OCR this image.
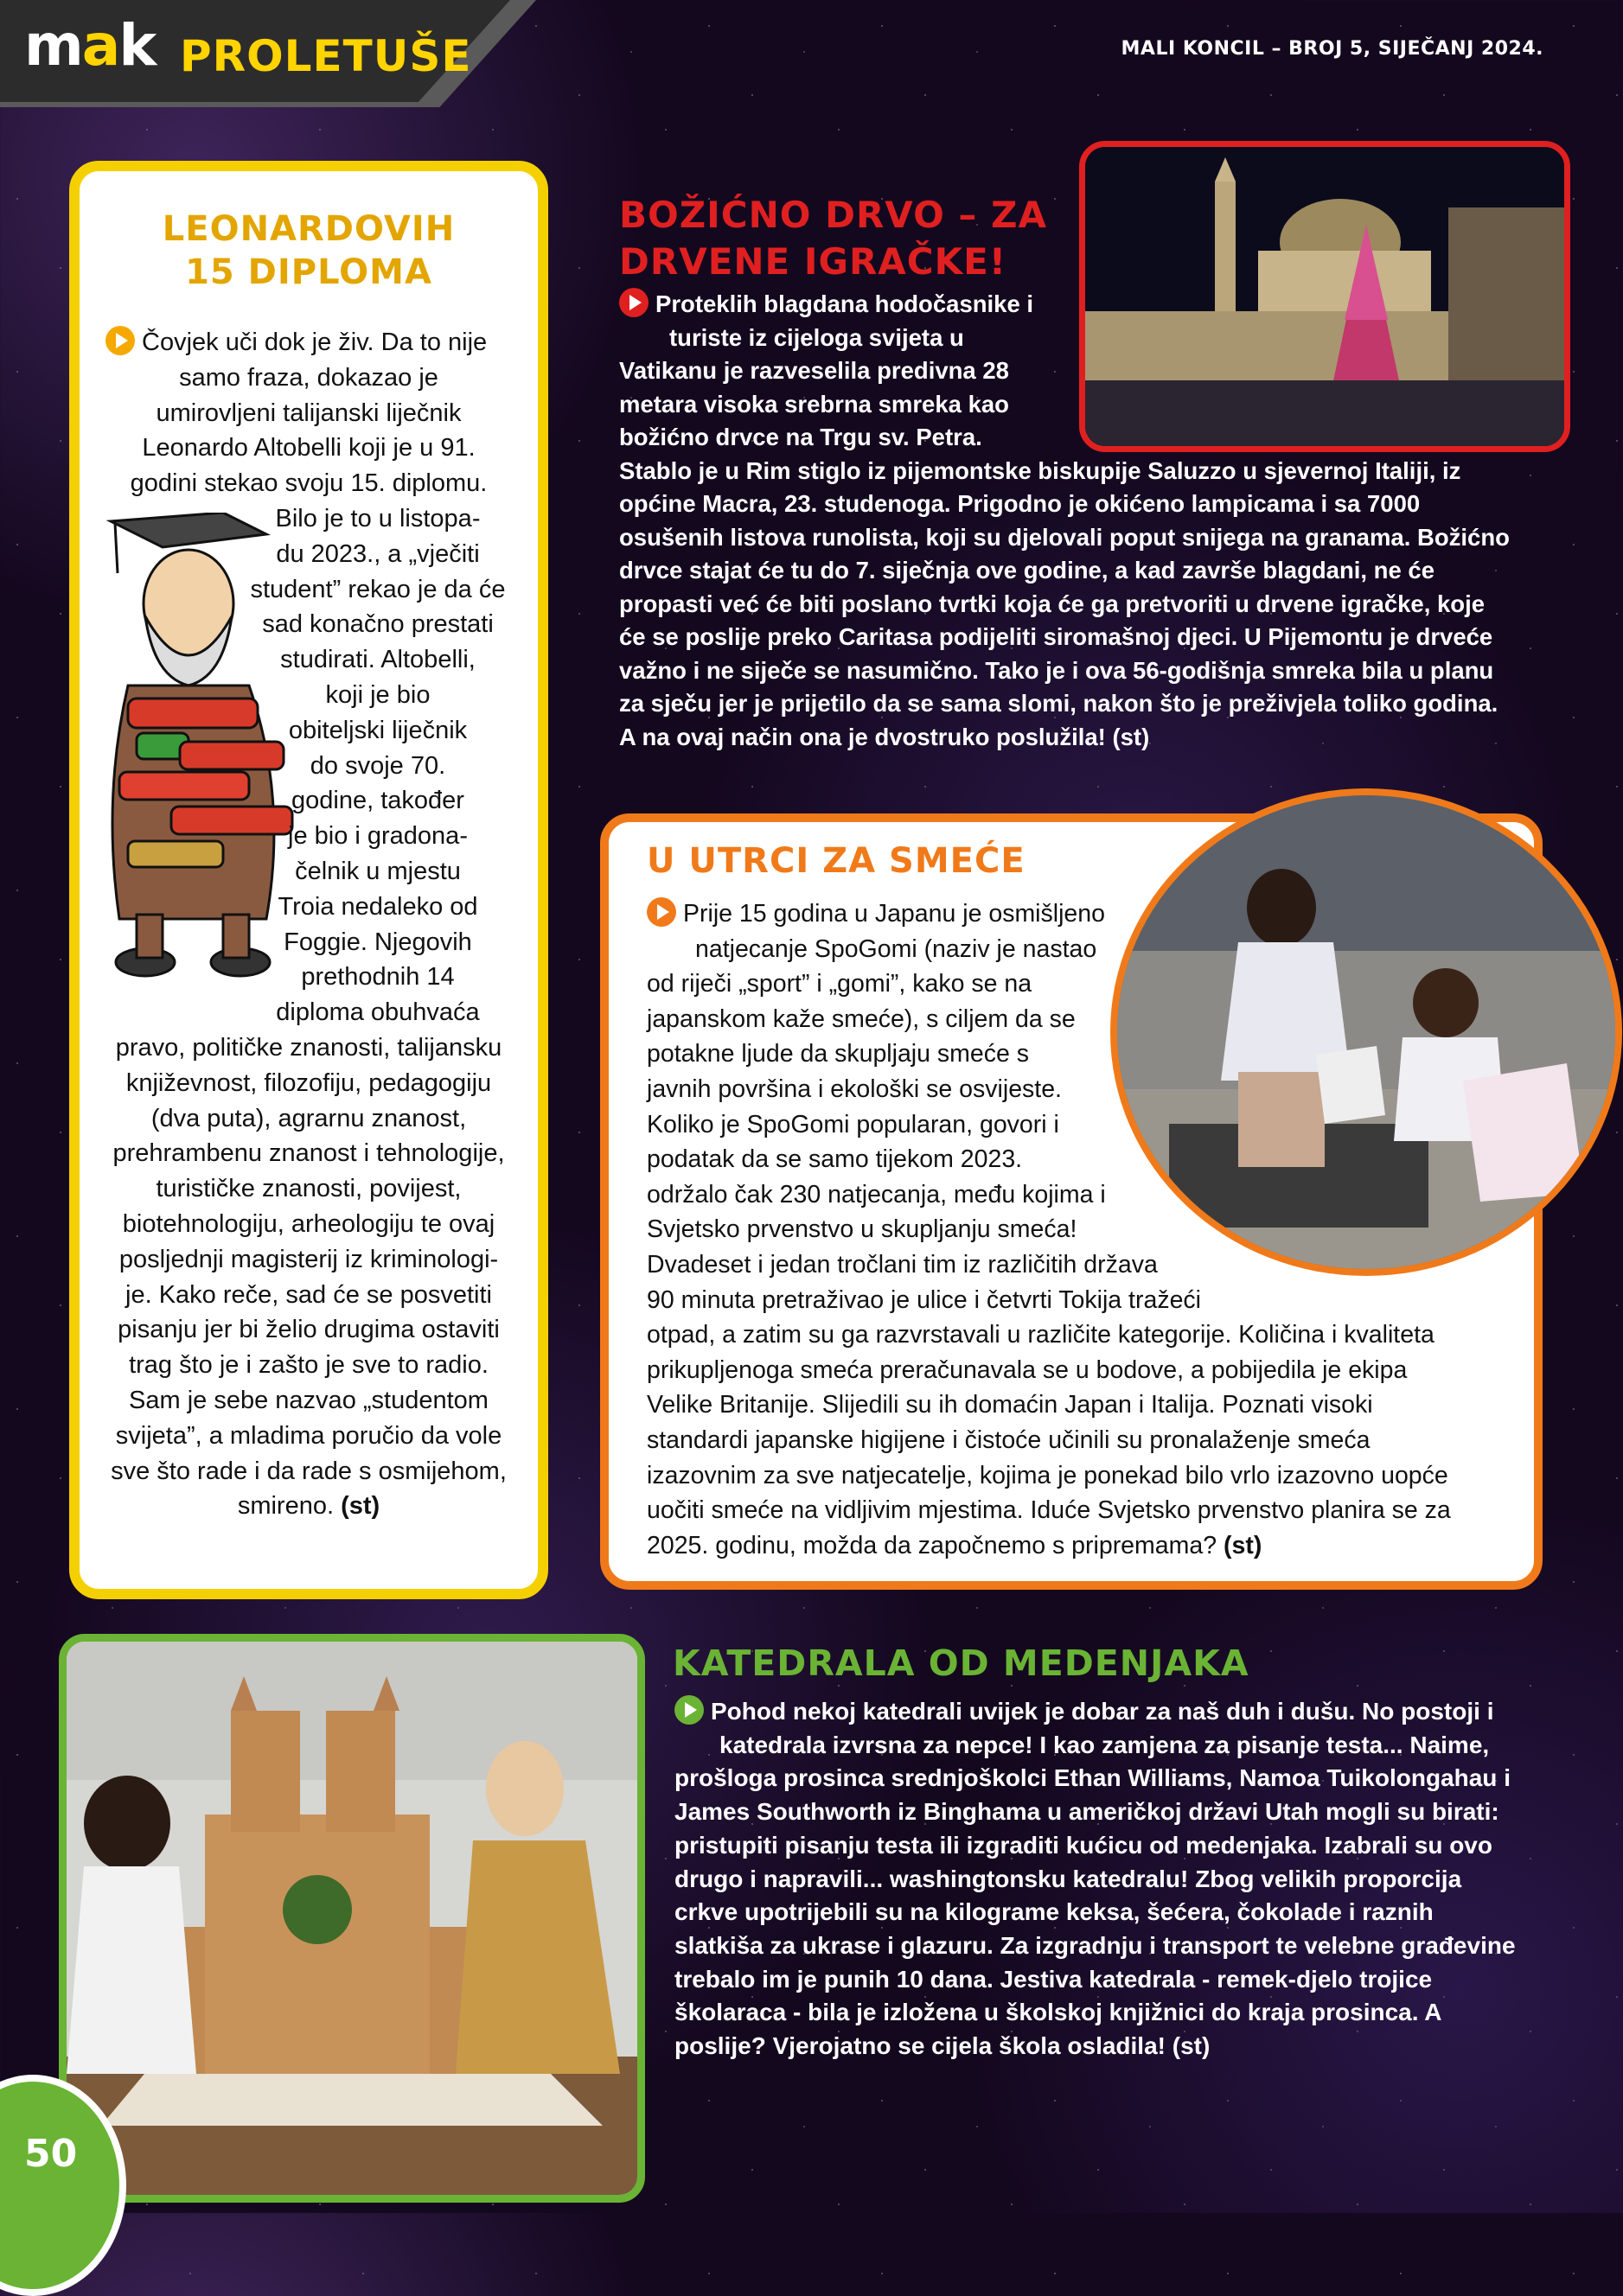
mak PROLETUŠE	MALI KONCIL – BROJ 5, SIJEČANJ 2024.
LEONARDOVIH
15 DIPLOMA
Čovjek uči dok je živ. Da to nije
samo fraza, dokazao je
umirovljeni talijanski liječnik
Leonardo Altobelli koji je u 91.
godini stekao svoju 15. diplomu.
Bilo je to u listopa-
du 2023., a „vječiti
student” rekao je da će
sad konačno prestati
studirati. Altobelli,
koji je bio
obiteljski liječnik
do svoje 70.
godine, također
je bio i gradona-
čelnik u mjestu
Troia nedaleko od
Foggie. Njegovih
prethodnih 14
diploma obuhvaća
pravo, političke znanosti, talijansku
književnost, filozofiju, pedagogiju
(dva puta), agrarnu znanost,
prehrambenu znanost i tehnologije,
turističke znanosti, povijest,
biotehnologiju, arheologiju te ovaj
posljednji magisterij iz kriminologi-
je. Kako reče, sad će se posvetiti
pisanju jer bi želio drugima ostaviti
trag što je i zašto je sve to radio.
Sam je sebe nazvao „studentom
svijeta”, a mladima poručio da vole
sve što rade i da rade s osmijehom,
smireno. (st)
BOŽIĆNO DRVO – ZA
DRVENE IGRAČKE!
Proteklih blagdana hodočasnike i
turiste iz cijeloga svijeta u
Vatikanu je razveselila predivna 28
metara visoka srebrna smreka kao
božićno drvce na Trgu sv. Petra.
Stablo je u Rim stiglo iz pijemontske biskupije Saluzzo u sjevernoj Italiji, iz
općine Macra, 23. studenoga. Prigodno je okićeno lampicama i sa 7000
osušenih listova runolista, koji su djelovali poput snijega na granama. Božićno
drvce stajat će tu do 7. siječnja ove godine, a kad završe blagdani, ne će
propasti već će biti poslano tvrtki koja će ga pretvoriti u drvene igračke, koje
će se poslije preko Caritasa podijeliti siromašnoj djeci. U Pijemontu je drveće
važno i ne siječe se nasumično. Tako je i ova 56-godišnja smreka bila u planu
za sječu jer je prijetilo da se sama slomi, nakon što je preživjela toliko godina.
A na ovaj način ona je dvostruko poslužila! (st)
U UTRCI ZA SMEĆE
Prije 15 godina u Japanu je osmišljeno
natjecanje SpoGomi (naziv je nastao
od riječi „sport” i „gomi”, kako se na
japanskom kaže smeće), s ciljem da se
potakne ljude da skupljaju smeće s
javnih površina i ekološki se osvijeste.
Koliko je SpoGomi popularan, govori i
podatak da se samo tijekom 2023.
održalo čak 230 natjecanja, među kojima i
Svjetsko prvenstvo u skupljanju smeća!
Dvadeset i jedan tročlani tim iz različitih država
90 minuta pretraživao je ulice i četvrti Tokija tražeći
otpad, a zatim su ga razvrstavali u različite kategorije. Količina i kvaliteta
prikupljenoga smeća preračunavala se u bodove, a pobijedila je ekipa
Velike Britanije. Slijedili su ih domaćin Japan i Italija. Poznati visoki
standardi japanske higijene i čistoće učinili su pronalaženje smeća
izazovnim za sve natjecatelje, kojima je ponekad bilo vrlo izazovno uopće
uočiti smeće na vidljivim mjestima. Iduće Svjetsko prvenstvo planira se za
2025. godinu, možda da započnemo s pripremama? (st)
KATEDRALA OD MEDENJAKA
Pohod nekoj katedrali uvijek je dobar za naš duh i dušu. No postoji i
katedrala izvrsna za nepce! I kao zamjena za pisanje testa... Naime,
prošloga prosinca srednjoškolci Ethan Williams, Namoa Tuikolongahau i
James Southworth iz Binghama u američkoj državi Utah mogli su birati:
pristupiti pisanju testa ili izgraditi kućicu od medenjaka. Izabrali su ovo
drugo i napravili... washingtonsku katedralu! Zbog velikih proporcija
crkve upotrijebili su na kilograme keksa, šećera, čokolade i raznih
slatkiša za ukrase i glazuru. Za izgradnju i transport te velebne građevine
trebalo im je punih 10 dana. Jestiva katedrala - remek-djelo trojice
školaraca - bila je izložena u školskoj knjižnici do kraja prosinca. A
poslije? Vjerojatno se cijela škola osladila! (st)
50
